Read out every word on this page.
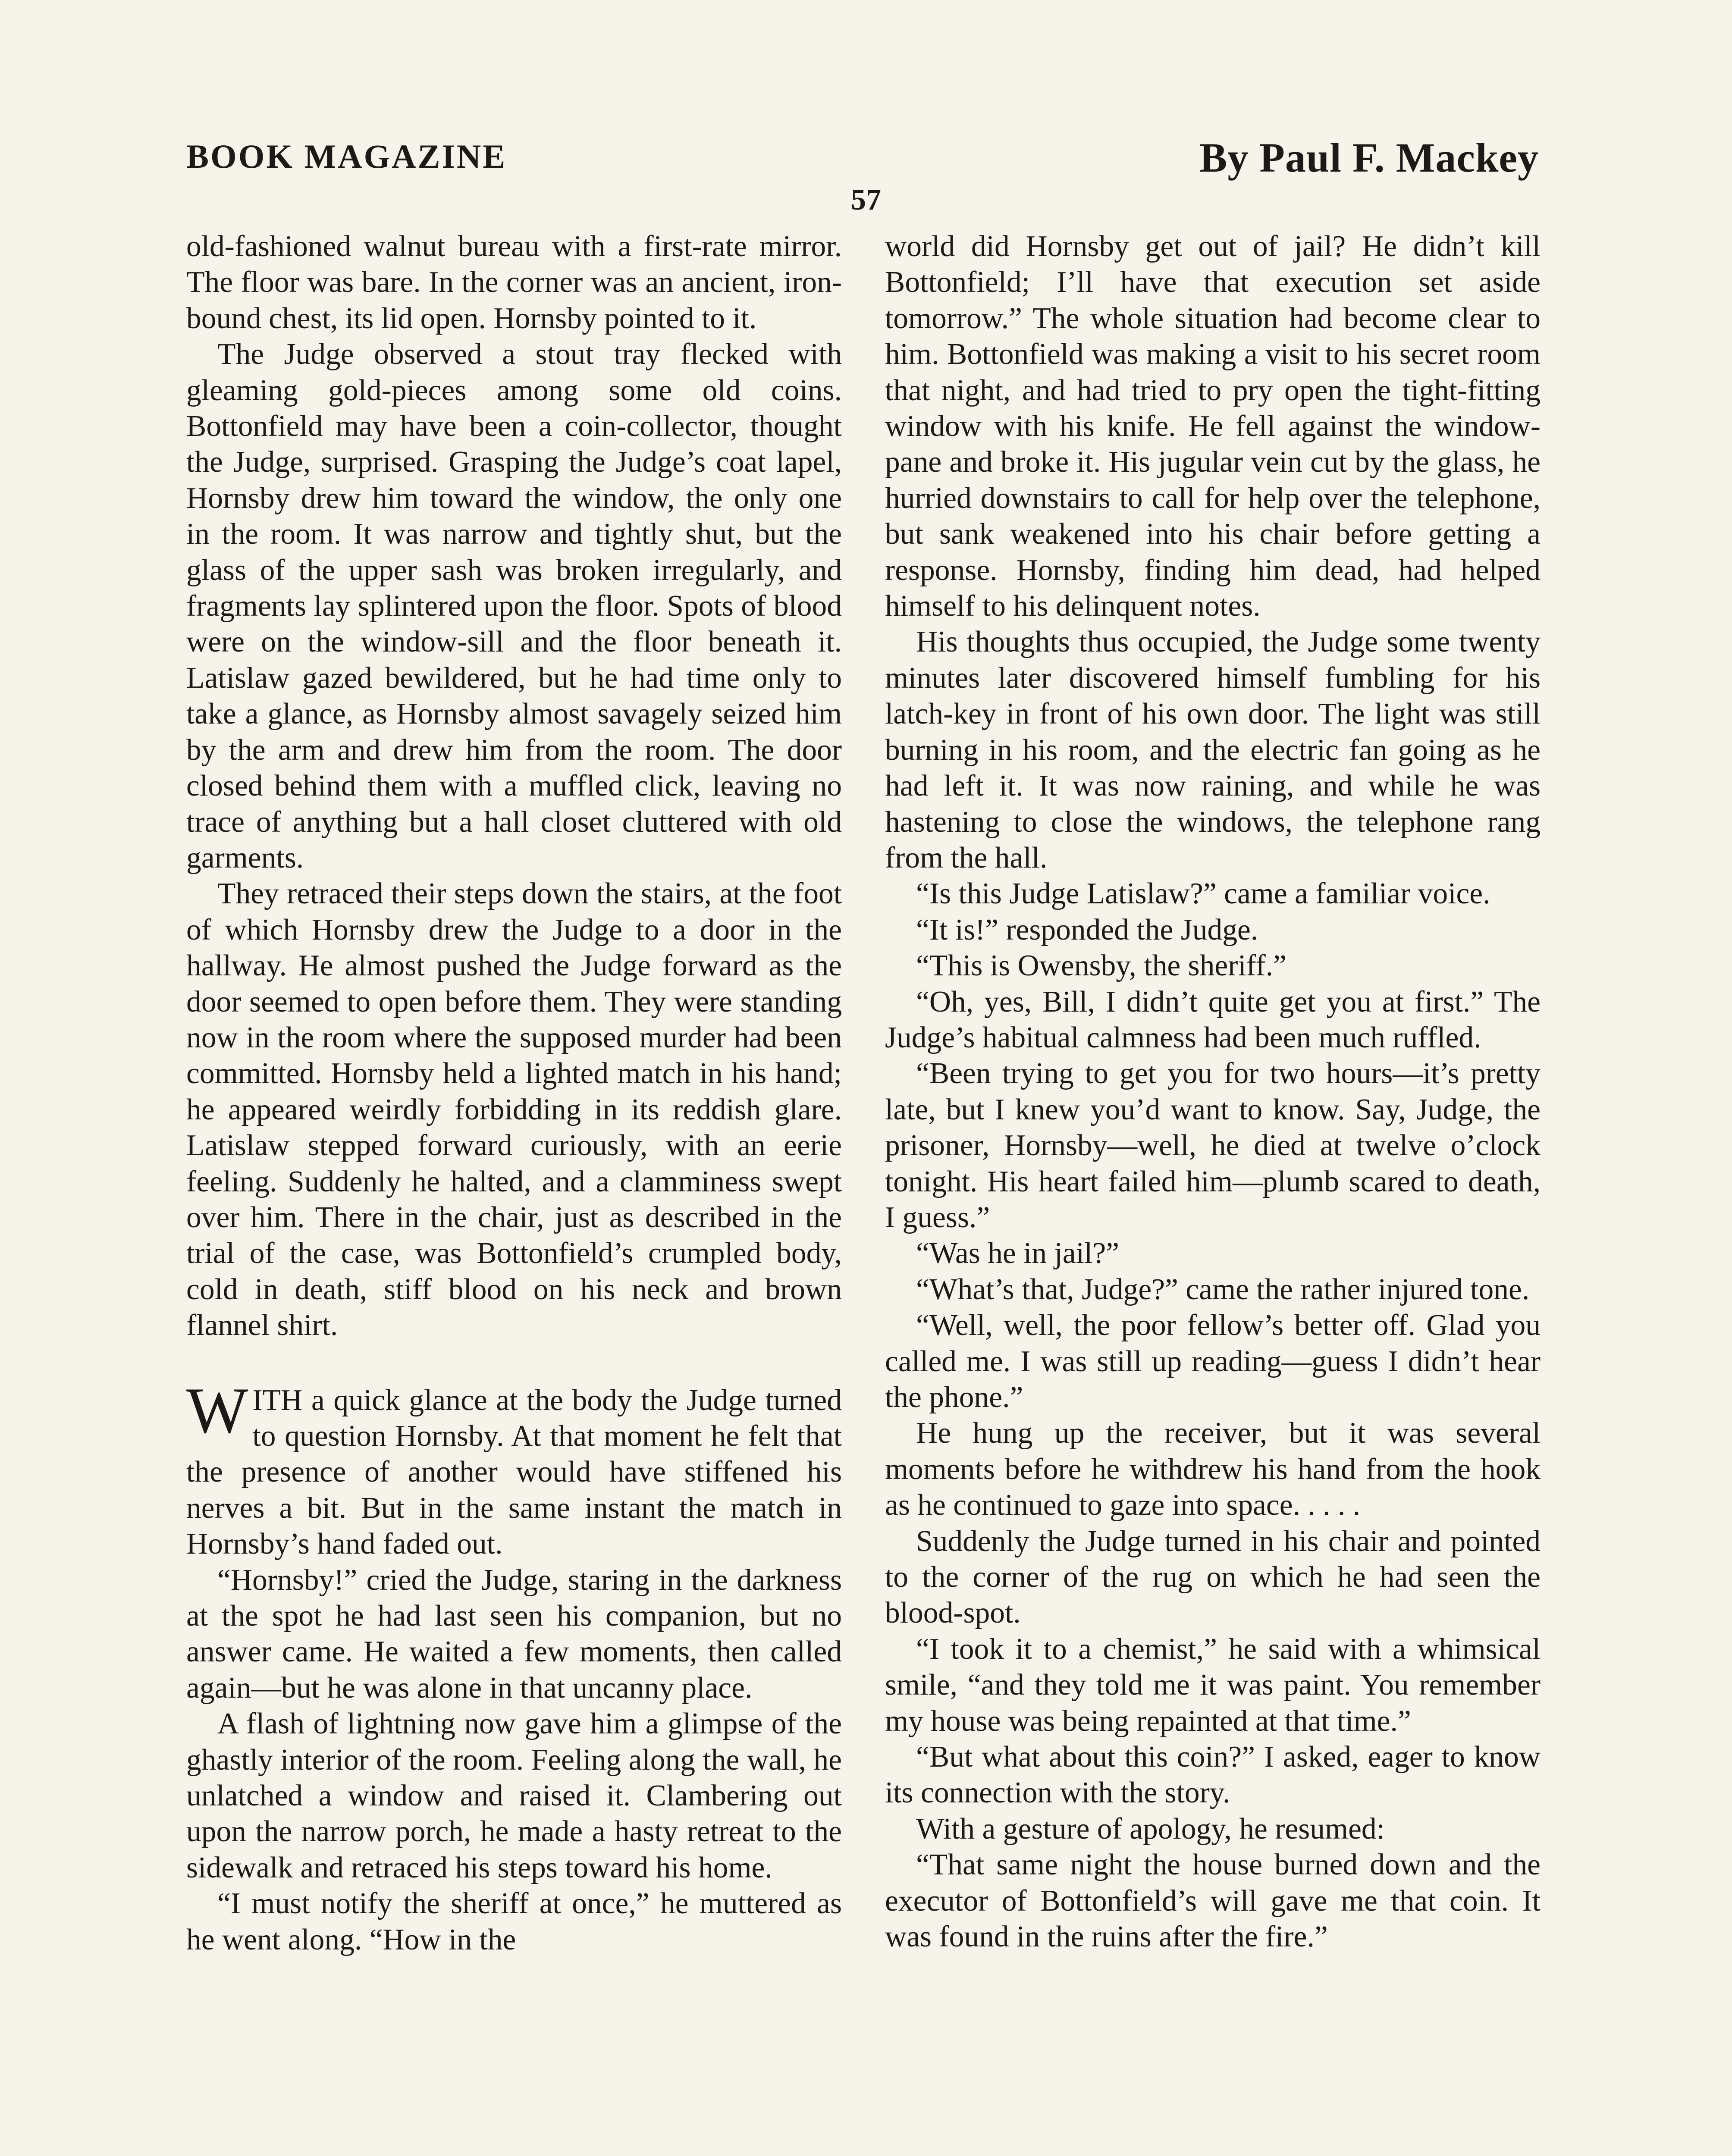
BOOK MAGAZINE	By Paul F. Mackey
57

old-fashioned walnut bureau with a first-rate mirror. The floor was bare. In the corner was an ancient, iron-bound chest, its lid open. Hornsby pointed to it.

The Judge observed a stout tray flecked with gleaming gold-pieces among some old coins. Bottonfield may have been a coin-collector, thought the Judge, surprised. Grasping the Judge’s coat lapel, Hornsby drew him toward the window, the only one in the room. It was narrow and tightly shut, but the glass of the upper sash was broken irregularly, and fragments lay splintered upon the floor. Spots of blood were on the window-sill and the floor beneath it. Latislaw gazed bewildered, but he had time only to take a glance, as Hornsby almost savagely seized him by the arm and drew him from the room. The door closed behind them with a muffled click, leaving no trace of anything but a hall closet cluttered with old garments.

They retraced their steps down the stairs, at the foot of which Hornsby drew the Judge to a door in the hallway. He almost pushed the Judge forward as the door seemed to open before them. They were standing now in the room where the supposed murder had been committed. Hornsby held a lighted match in his hand; he appeared weirdly forbidding in its reddish glare. Latislaw stepped forward curiously, with an eerie feeling. Suddenly he halted, and a clamminess swept over him. There in the chair, just as described in the trial of the case, was Bottonfield’s crumpled body, cold in death, stiff blood on his neck and brown flannel shirt.

WITH a quick glance at the body the Judge turned to question Hornsby. At that moment he felt that the presence of another would have stiffened his nerves a bit. But in the same instant the match in Hornsby’s hand faded out.

“Hornsby!” cried the Judge, staring in the darkness at the spot he had last seen his companion, but no answer came. He waited a few moments, then called again—but he was alone in that uncanny place.

A flash of lightning now gave him a glimpse of the ghastly interior of the room. Feeling along the wall, he unlatched a window and raised it. Clambering out upon the narrow porch, he made a hasty retreat to the sidewalk and retraced his steps toward his home.

“I must notify the sheriff at once,” he muttered as he went along. “How in the

world did Hornsby get out of jail? He didn’t kill Bottonfield; I’ll have that execution set aside tomorrow.” The whole situation had become clear to him. Bottonfield was making a visit to his secret room that night, and had tried to pry open the tight-fitting window with his knife. He fell against the window-pane and broke it. His jugular vein cut by the glass, he hurried downstairs to call for help over the telephone, but sank weakened into his chair before getting a response. Hornsby, finding him dead, had helped himself to his delinquent notes.

His thoughts thus occupied, the Judge some twenty minutes later discovered himself fumbling for his latch-key in front of his own door. The light was still burning in his room, and the electric fan going as he had left it. It was now raining, and while he was hastening to close the windows, the telephone rang from the hall.

“Is this Judge Latislaw?” came a familiar voice.

“It is!” responded the Judge.

“This is Owensby, the sheriff.”

“Oh, yes, Bill, I didn’t quite get you at first.” The Judge’s habitual calmness had been much ruffled.

“Been trying to get you for two hours—it’s pretty late, but I knew you’d want to know. Say, Judge, the prisoner, Hornsby—well, he died at twelve o’clock tonight. His heart failed him—plumb scared to death, I guess.”

“Was he in jail?”

“What’s that, Judge?” came the rather injured tone.

“Well, well, the poor fellow’s better off. Glad you called me. I was still up reading—guess I didn’t hear the phone.”

He hung up the receiver, but it was several moments before he withdrew his hand from the hook as he continued to gaze into space. . . . .

Suddenly the Judge turned in his chair and pointed to the corner of the rug on which he had seen the blood-spot.

“I took it to a chemist,” he said with a whimsical smile, “and they told me it was paint. You remember my house was being repainted at that time.”

“But what about this coin?” I asked, eager to know its connection with the story.

With a gesture of apology, he resumed:

“That same night the house burned down and the executor of Bottonfield’s will gave me that coin. It was found in the ruins after the fire.”
